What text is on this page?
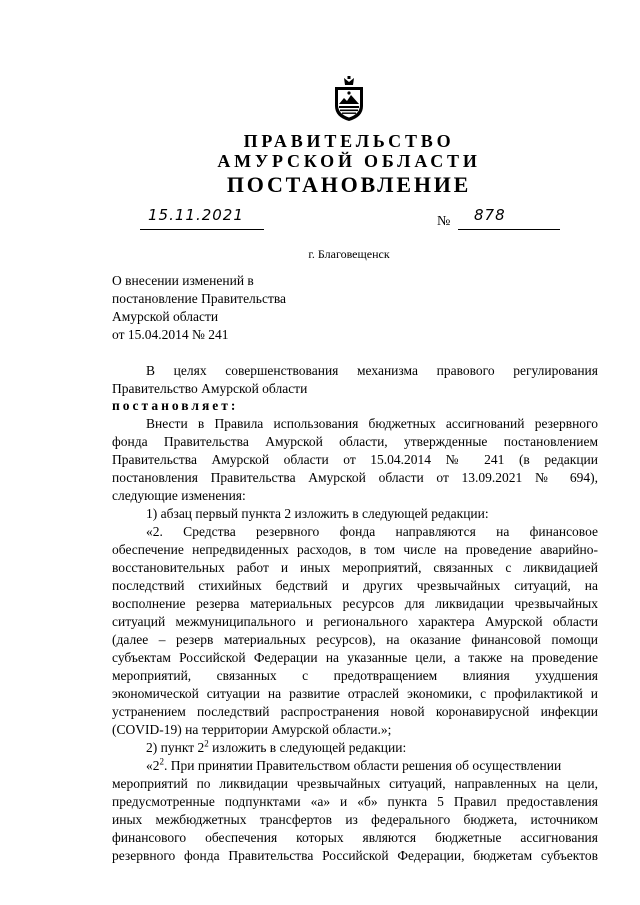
ПРАВИТЕЛЬСТВО
АМУРСКОЙ ОБЛАСТИ
ПОСТАНОВЛЕНИЕ
15.11.2021	№ 878
г. Благовещенск
О внесении изменений в
постановление Правительства
Амурской области
от 15.04.2014 № 241
В целях совершенствования механизма правового регулирования
Правительство Амурской области
постановляет:
Внести в Правила использования бюджетных ассигнований резервного
фонда Правительства Амурской области, утвержденные постановлением
Правительства Амурской области от 15.04.2014 № 241 (в редакции
постановления Правительства Амурской области от 13.09.2021 № 694),
следующие изменения:
1) абзац первый пункта 2 изложить в следующей редакции:
«2. Средства резервного фонда направляются на финансовое
обеспечение непредвиденных расходов, в том числе на проведение аварийно-
восстановительных работ и иных мероприятий, связанных с ликвидацией
последствий стихийных бедствий и других чрезвычайных ситуаций, на
восполнение резерва материальных ресурсов для ликвидации чрезвычайных
ситуаций межмуниципального и регионального характера Амурской области
(далее – резерв материальных ресурсов), на оказание финансовой помощи
субъектам Российской Федерации на указанные цели, а также на проведение
мероприятий, связанных с предотвращением влияния ухудшения
экономической ситуации на развитие отраслей экономики, с профилактикой и
устранением последствий распространения новой коронавирусной инфекции
(COVID-19) на территории Амурской области.»;
2) пункт $2^2$ изложить в следующей редакции:
«$2^2$. При принятии Правительством области решения об осуществлении
мероприятий по ликвидации чрезвычайных ситуаций, направленных на цели,
предусмотренные подпунктами «а» и «б» пункта 5 Правил предоставления
иных межбюджетных трансфертов из федерального бюджета, источником
финансового обеспечения которых являются бюджетные ассигнования
резервного фонда Правительства Российской Федерации, бюджетам субъектов
